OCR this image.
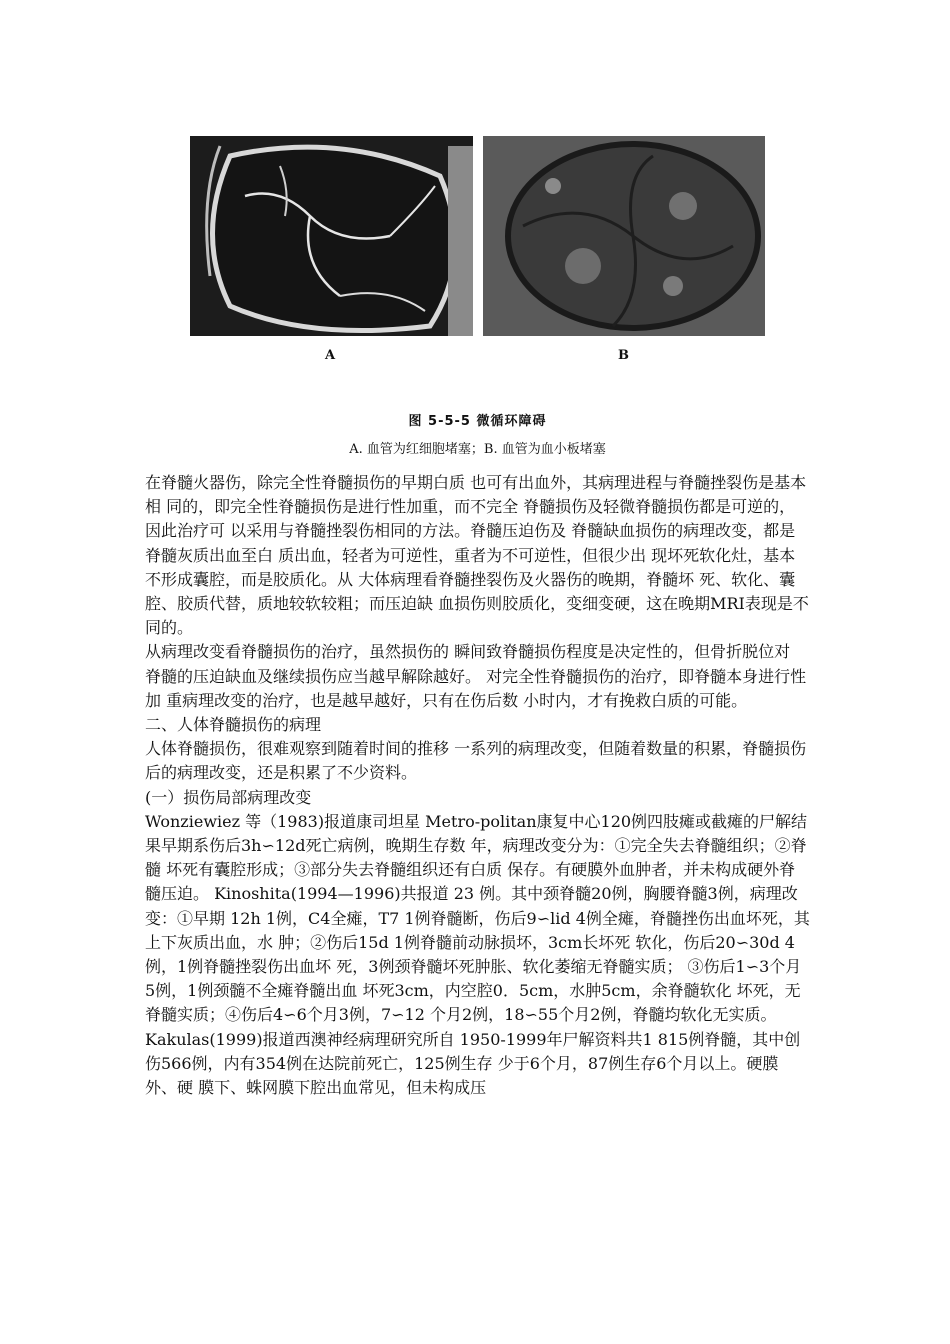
A	B
图 5-5-5 微循环障碍
A. 血管为红细胞堵塞；B. 血管为血小板堵塞

在脊髓火器伤，除完全性脊髓损伤的早期白质 也可有出血外，其病理进程与脊髓挫裂伤是基本相 同的，即完全性脊髓损伤是进行性加重，而不完全 脊髓损伤及轻微脊髓损伤都是可逆的，因此治疗可 以采用与脊髓挫裂伤相同的方法。脊髓压迫伤及 脊髓缺血损伤的病理改变，都是脊髓灰质出血至白 质出血，轻者为可逆性，重者为不可逆性，但很少出 现坏死软化灶，基本不形成囊腔，而是胶质化。从 大体病理看脊髓挫裂伤及火器伤的晚期，脊髓坏 死、软化、囊腔、胶质代替，质地较软较粗；而压迫缺 血损伤则胶质化，变细变硬，这在晚期MRI表现是不同的。

从病理改变看脊髓损伤的治疗，虽然损伤的 瞬间致脊髓损伤程度是决定性的，但骨折脱位对 脊髓的压迫缺血及继续损伤应当越早解除越好。 对完全性脊髓损伤的治疗，即脊髓本身进行性加 重病理改变的治疗，也是越早越好，只有在伤后数 小时内，才有挽救白质的可能。

二、人体脊髓损伤的病理

人体脊髓损伤，很难观察到随着时间的推移 一系列的病理改变，但随着数量的积累，脊髓损伤 后的病理改变，还是积累了不少资料。

(一）损伤局部病理改变

Wonziewiez 等（1983)报道康司坦星 Metro-politan康复中心120例四肢瘫或截瘫的尸解结 果早期系伤后3h∽12d死亡病例，晚期生存数 年，病理改变分为：①完全失去脊髓组织；②脊髓 坏死有囊腔形成；③部分失去脊髓组织还有白质 保存。有硬膜外血肿者，并未构成硬外脊髓压迫。 Kinoshita(1994—1996)共报道 23 例。其中颈脊髓20例，胸腰脊髓3例，病理改变：①早期 12h 1例，C4全瘫，T7 1例脊髓断，伤后9∽lid 4例全瘫，脊髓挫伤出血坏死，其上下灰质出血，水 肿；②伤后15d 1例脊髓前动脉损坏，3cm长坏死 软化，伤后20∽30d 4例，1例脊髓挫裂伤出血坏 死，3例颈脊髓坏死肿胀、软化萎缩无脊髓实质； ③伤后1∽3个月5例，1例颈髓不全瘫脊髓出血 坏死3cm，内空腔0．5cm，水肿5cm，余脊髓软化 坏死，无脊髓实质；④伤后4∽6个月3例，7∽12 个月2例，18∽55个月2例，脊髓均软化无实质。

Kakulas(1999)报道西澳神经病理研究所自 1950-1999年尸解资料共1 815例脊髓，其中创 伤566例，内有354例在达院前死亡，125例生存 少于6个月，87例生存6个月以上。硬膜外、硬 膜下、蛛网膜下腔出血常见，但未构成压
